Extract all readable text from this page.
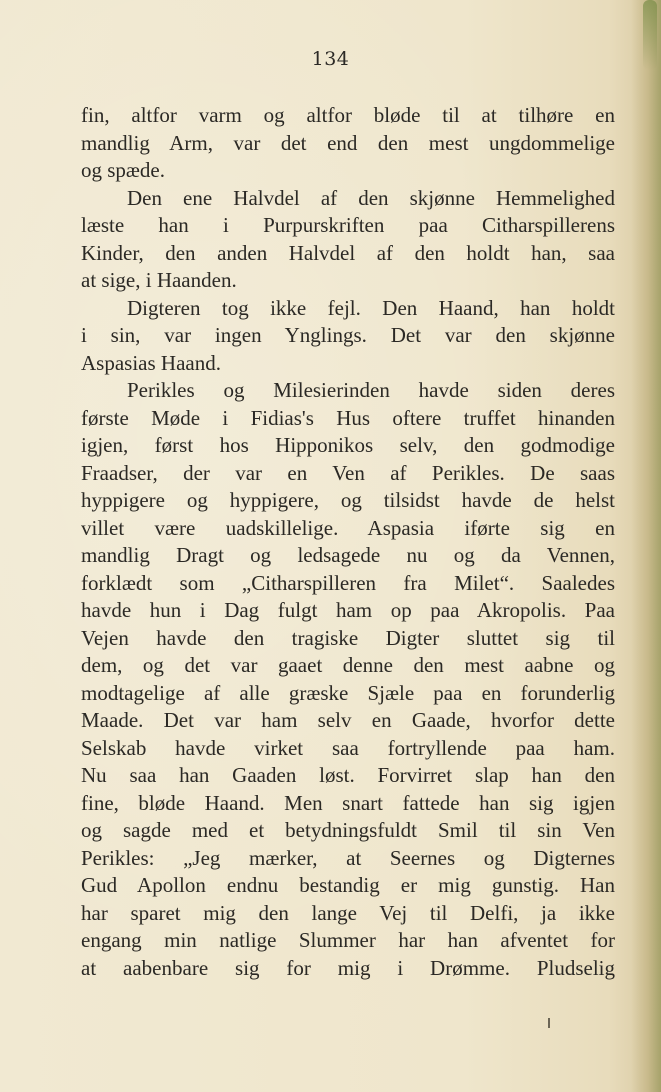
134
fin, altfor varm og altfor bløde til at tilhøre en
mandlig Arm, var det end den mest ungdommelige
og spæde.
Den ene Halvdel af den skjønne Hemmelighed
læste han i Purpurskriften paa Citharspillerens
Kinder, den anden Halvdel af den holdt han, saa
at sige, i Haanden.
Digteren tog ikke fejl. Den Haand, han holdt
i sin, var ingen Ynglings. Det var den skjønne
Aspasias Haand.
Perikles og Milesierinden havde siden deres
første Møde i Fidias's Hus oftere truffet hinanden
igjen, først hos Hipponikos selv, den godmodige
Fraadser, der var en Ven af Perikles. De saas
hyppigere og hyppigere, og tilsidst havde de helst
villet være uadskillelige. Aspasia iførte sig en
mandlig Dragt og ledsagede nu og da Vennen,
forklædt som „Citharspilleren fra Milet“. Saaledes
havde hun i Dag fulgt ham op paa Akropolis. Paa
Vejen havde den tragiske Digter sluttet sig til
dem, og det var gaaet denne den mest aabne og
modtagelige af alle græske Sjæle paa en forunderlig
Maade. Det var ham selv en Gaade, hvorfor dette
Selskab havde virket saa fortryllende paa ham.
Nu saa han Gaaden løst. Forvirret slap han den
fine, bløde Haand. Men snart fattede han sig igjen
og sagde med et betydningsfuldt Smil til sin Ven
Perikles: „Jeg mærker, at Seernes og Digternes
Gud Apollon endnu bestandig er mig gunstig. Han
har sparet mig den lange Vej til Delfi, ja ikke
engang min natlige Slummer har han afventet for
at aabenbare sig for mig i Drømme. Pludselig
